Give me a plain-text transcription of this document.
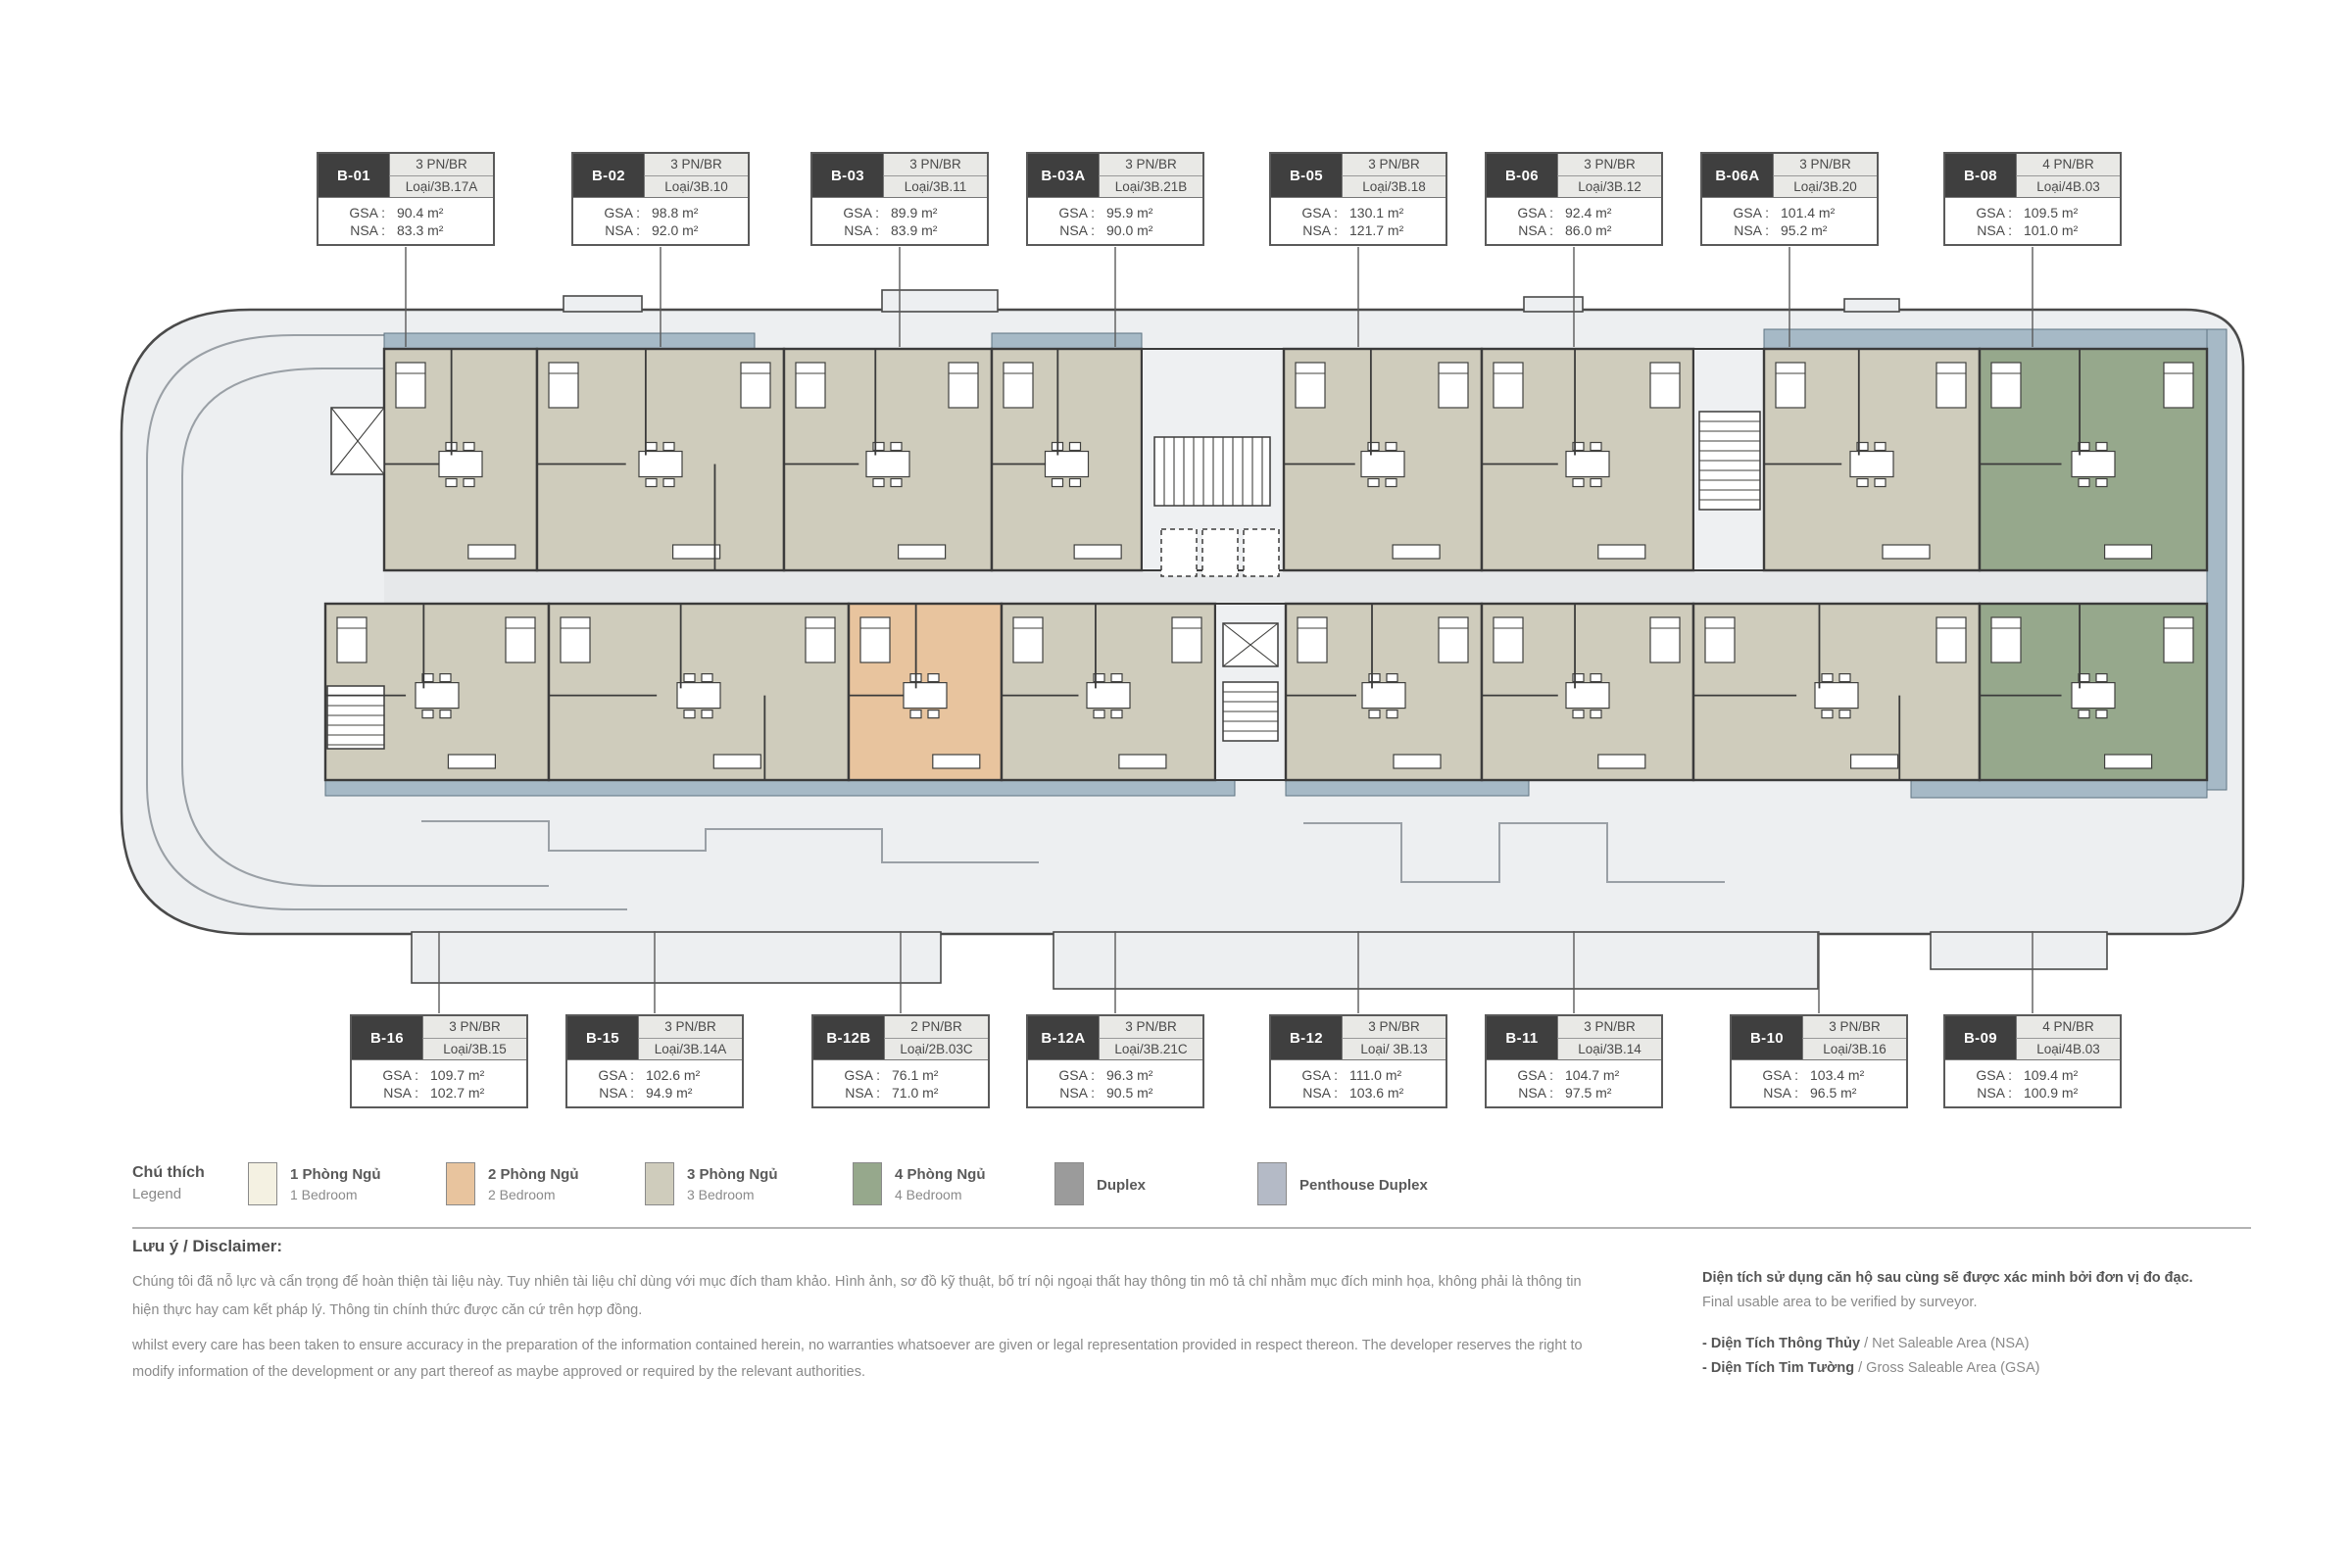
B-01
3 PN/BR
Loại/3B.17A
GSA : 90.4 m²
NSA : 83.3 m²
B-02
3 PN/BR
Loại/3B.10
GSA : 98.8 m²
NSA : 92.0 m²
B-03
3 PN/BR
Loại/3B.11
GSA : 89.9 m²
NSA : 83.9 m²
B-03A
3 PN/BR
Loại/3B.21B
GSA : 95.9 m²
NSA : 90.0 m²
B-05
3 PN/BR
Loại/3B.18
GSA : 130.1 m²
NSA : 121.7 m²
B-06
3 PN/BR
Loại/3B.12
GSA : 92.4 m²
NSA : 86.0 m²
B-06A
3 PN/BR
Loại/3B.20
GSA : 101.4 m²
NSA : 95.2 m²
B-08
4 PN/BR
Loại/4B.03
GSA : 109.5 m²
NSA : 101.0 m²
B-16
3 PN/BR
Loại/3B.15
GSA : 109.7 m²
NSA : 102.7 m²
B-15
3 PN/BR
Loại/3B.14A
GSA : 102.6 m²
NSA : 94.9 m²
B-12B
2 PN/BR
Loại/2B.03C
GSA : 76.1 m²
NSA : 71.0 m²
B-12A
3 PN/BR
Loại/3B.21C
GSA : 96.3 m²
NSA : 90.5 m²
B-12
3 PN/BR
Loại/ 3B.13
GSA : 111.0 m²
NSA : 103.6 m²
B-11
3 PN/BR
Loại/3B.14
GSA : 104.7 m²
NSA : 97.5 m²
B-10
3 PN/BR
Loại/3B.16
GSA : 103.4 m²
NSA : 96.5 m²
B-09
4 PN/BR
Loại/4B.03
GSA : 109.4 m²
NSA : 100.9 m²
Chú thích
Legend
1 Phòng Ngủ
1 Bedroom
2 Phòng Ngủ
2 Bedroom
3 Phòng Ngủ
3 Bedroom
4 Phòng Ngủ
4 Bedroom
Duplex	Penthouse Duplex
Lưu ý / Disclaimer:
Chúng tôi đã nỗ lực và cẩn trọng để hoàn thiện tài liệu này. Tuy nhiên tài liệu chỉ dùng với mục đích tham khảo. Hình ảnh, sơ đồ kỹ thuật, bố trí nội ngoại thất hay thông tin mô tả chỉ nhằm mục đích minh họa, không phải là thông tin hiện thực hay cam kết pháp lý. Thông tin chính thức được căn cứ trên hợp đồng.
whilst every care has been taken to ensure accuracy in the preparation of the information contained herein, no warranties whatsoever are given or legal representation provided in respect thereon. The developer reserves the right to modify information of the development or any part thereof as maybe approved or required by the relevant authorities.
Diện tích sử dụng căn hộ sau cùng sẽ được xác minh bởi đơn vị đo đạc.
Final usable area to be verified by surveyor.
- Diện Tích Thông Thủy / Net Saleable Area (NSA)
- Diện Tích Tim Tường / Gross Saleable Area (GSA)
